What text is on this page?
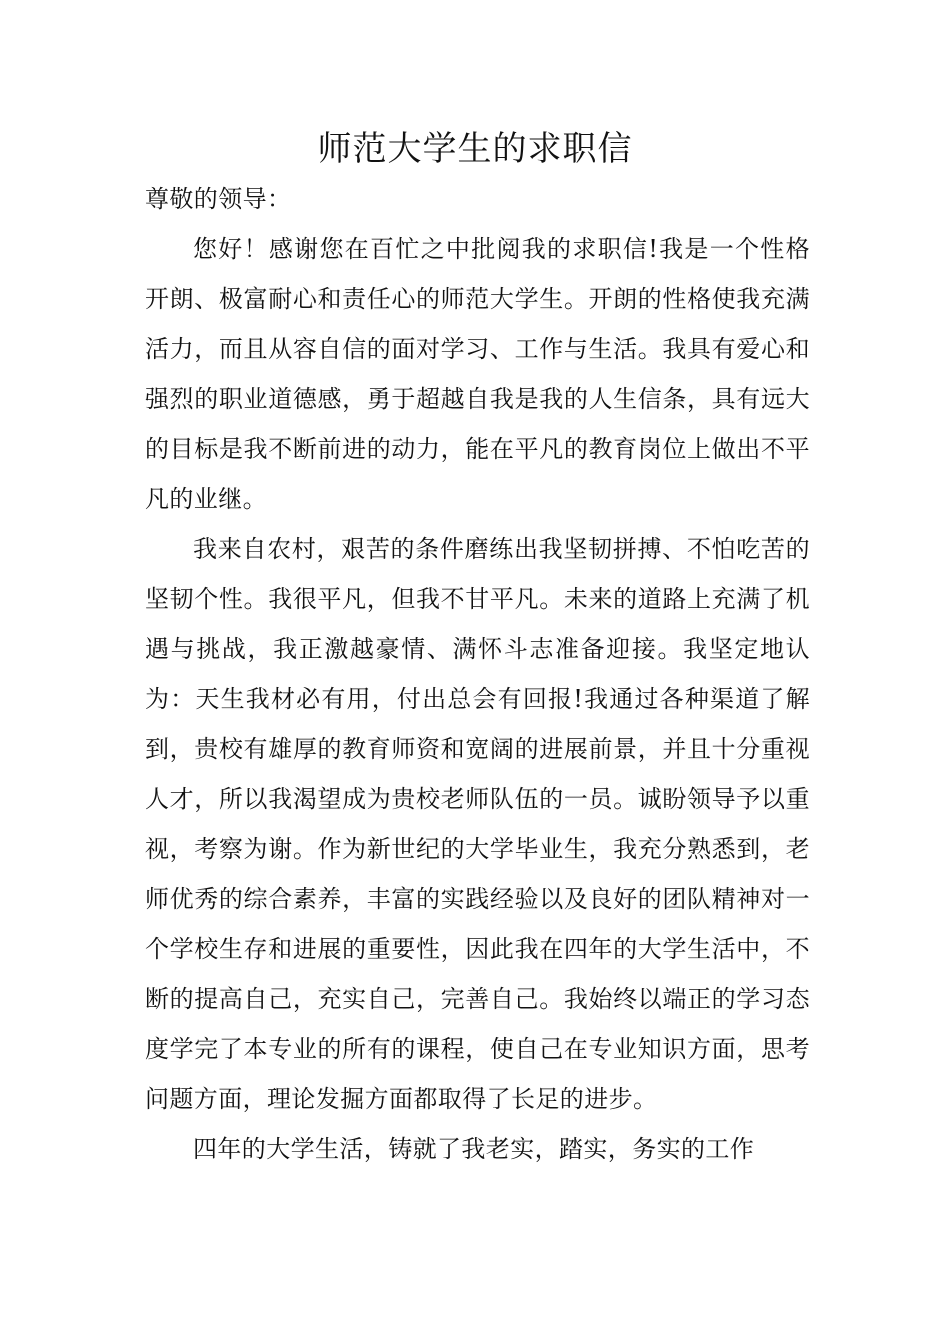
师范大学生的求职信

尊敬的领导：

您好！感谢您在百忙之中批阅我的求职信!我是一个性格开朗、极富耐心和责任心的师范大学生。开朗的性格使我充满活力，而且从容自信的面对学习、工作与生活。我具有爱心和强烈的职业道德感，勇于超越自我是我的人生信条，具有远大的目标是我不断前进的动力，能在平凡的教育岗位上做出不平凡的业继。

我来自农村，艰苦的条件磨练出我坚韧拼搏、不怕吃苦的坚韧个性。我很平凡，但我不甘平凡。未来的道路上充满了机遇与挑战，我正激越豪情、满怀斗志准备迎接。我坚定地认为：天生我材必有用，付出总会有回报!我通过各种渠道了解到，贵校有雄厚的教育师资和宽阔的进展前景，并且十分重视人才，所以我渴望成为贵校老师队伍的一员。诚盼领导予以重视，考察为谢。作为新世纪的大学毕业生，我充分熟悉到，老师优秀的综合素养，丰富的实践经验以及良好的团队精神对一个学校生存和进展的重要性，因此我在四年的大学生活中，不断的提高自己，充实自己，完善自己。我始终以端正的学习态度学完了本专业的所有的课程，使自己在专业知识方面，思考问题方面，理论发掘方面都取得了长足的进步。

四年的大学生活，铸就了我老实，踏实，务实的工作
